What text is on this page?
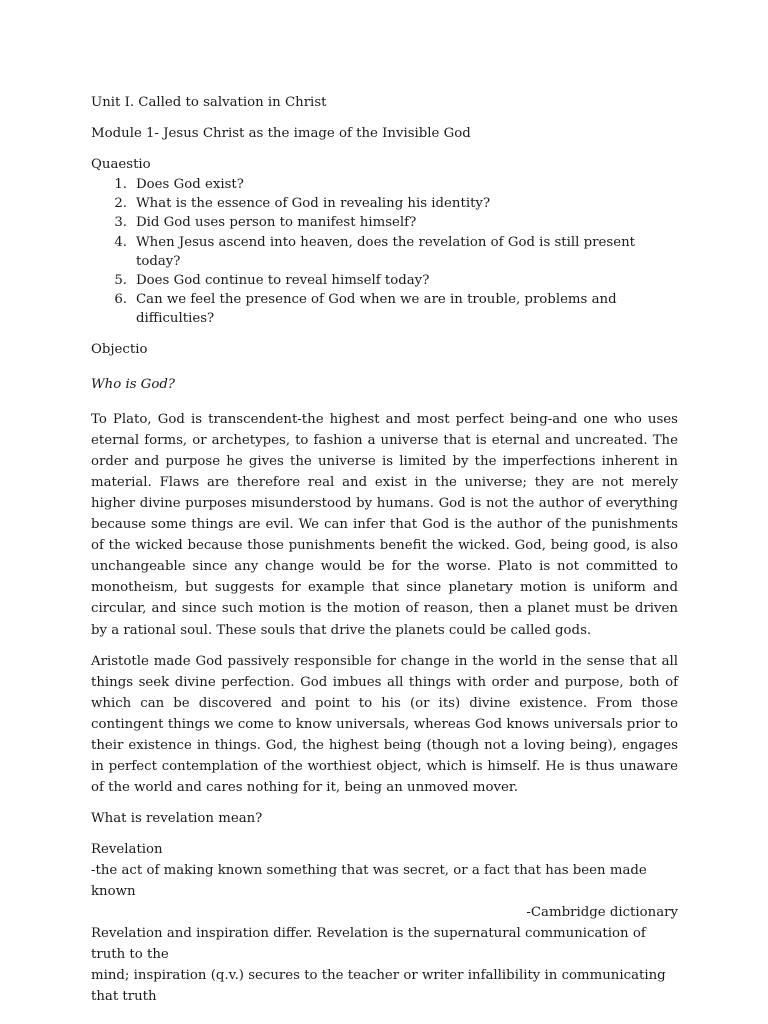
Unit I. Called to salvation in Christ

Module 1- Jesus Christ as the image of the Invisible God

Quaestio

1. Does God exist?
2. What is the essence of God in revealing his identity?
3. Did God uses person to manifest himself?
4. When Jesus ascend into heaven, does the revelation of God is still present today?
5. Does God continue to reveal himself today?
6. Can we feel the presence of God when we are in trouble, problems and difficulties?

Objectio

Who is God?

To Plato, God is transcendent-the highest and most perfect being-and one who uses eternal forms, or archetypes, to fashion a universe that is eternal and uncreated. The order and purpose he gives the universe is limited by the imperfections inherent in material. Flaws are therefore real and exist in the universe; they are not merely higher divine purposes misunderstood by humans. God is not the author of everything because some things are evil. We can infer that God is the author of the punishments of the wicked because those punishments benefit the wicked. God, being good, is also unchangeable since any change would be for the worse. Plato is not committed to monotheism, but suggests for example that since planetary motion is uniform and circular, and since such motion is the motion of reason, then a planet must be driven by a rational soul. These souls that drive the planets could be called gods.

Aristotle made God passively responsible for change in the world in the sense that all things seek divine perfection. God imbues all things with order and purpose, both of which can be discovered and point to his (or its) divine existence. From those contingent things we come to know universals, whereas God knows universals prior to their existence in things. God, the highest being (though not a loving being), engages in perfect contemplation of the worthiest object, which is himself. He is thus unaware of the world and cares nothing for it, being an unmoved mover.

What is revelation mean?

Revelation

-the act of making known something that was secret, or a fact that has been made known

-Cambridge dictionary

Revelation and inspiration differ. Revelation is the supernatural communication of truth to the

mind; inspiration (q.v.) secures to the teacher or writer infallibility in communicating that truth
